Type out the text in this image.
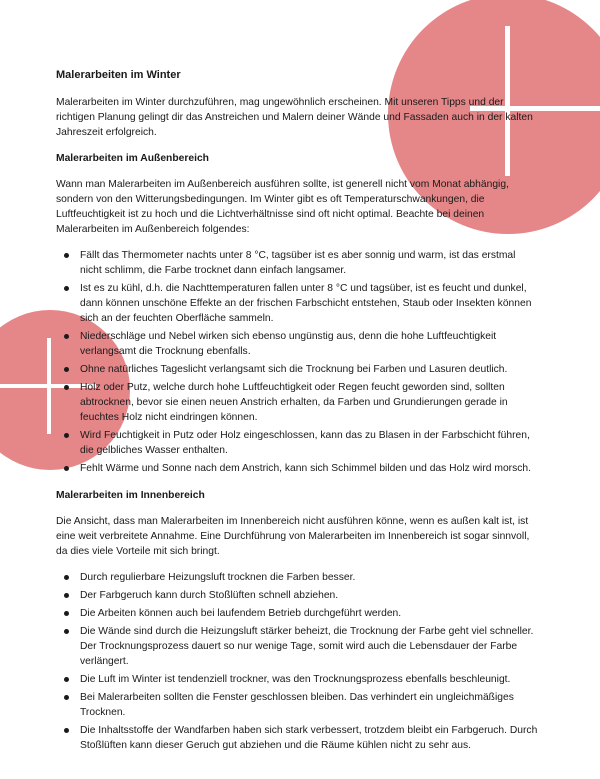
Malerarbeiten im Winter

Malerarbeiten im Winter durchzuführen, mag ungewöhnlich erscheinen. Mit unseren Tipps und der richtigen Planung gelingt dir das Anstreichen und Malern deiner Wände und Fassaden auch in der kalten Jahreszeit erfolgreich.

Malerarbeiten im Außenbereich

Wann man Malerarbeiten im Außenbereich ausführen sollte, ist generell nicht vom Monat abhängig, sondern von den Witterungsbedingungen. Im Winter gibt es oft Temperaturschwankungen, die Luftfeuchtigkeit ist zu hoch und die Lichtverhältnisse sind oft nicht optimal. Beachte bei deinen Malerarbeiten im Außenbereich folgendes:

Fällt das Thermometer nachts unter 8 °C, tagsüber ist es aber sonnig und warm, ist das erstmal nicht schlimm, die Farbe trocknet dann einfach langsamer.
Ist es zu kühl, d.h. die Nachttemperaturen fallen unter 8 °C und tagsüber, ist es feucht und dunkel, dann können unschöne Effekte an der frischen Farbschicht entstehen, Staub oder Insekten können sich an der feuchten Oberfläche sammeln.
Niederschläge und Nebel wirken sich ebenso ungünstig aus, denn die hohe Luftfeuchtigkeit verlangsamt die Trocknung ebenfalls.
Ohne natürliches Tageslicht verlangsamt sich die Trocknung bei Farben und Lasuren deutlich.
Holz oder Putz, welche durch hohe Luftfeuchtigkeit oder Regen feucht geworden sind, sollten abtrocknen, bevor sie einen neuen Anstrich erhalten, da Farben und Grundierungen gerade in feuchtes Holz nicht eindringen können.
Wird Feuchtigkeit in Putz oder Holz eingeschlossen, kann das zu Blasen in der Farbschicht führen, die gelbliches Wasser enthalten.
Fehlt Wärme und Sonne nach dem Anstrich, kann sich Schimmel bilden und das Holz wird morsch.
Malerarbeiten im Innenbereich

Die Ansicht, dass man Malerarbeiten im Innenbereich nicht ausführen könne, wenn es außen kalt ist, ist eine weit verbreitete Annahme. Eine Durchführung von Malerarbeiten im Innenbereich ist sogar sinnvoll, da dies viele Vorteile mit sich bringt.

Durch regulierbare Heizungsluft trocknen die Farben besser.
Der Farbgeruch kann durch Stoßlüften schnell abziehen.
Die Arbeiten können auch bei laufendem Betrieb durchgeführt werden.
Die Wände sind durch die Heizungsluft stärker beheizt, die Trocknung der Farbe geht viel schneller. Der Trocknungsprozess dauert so nur wenige Tage, somit wird auch die Lebensdauer der Farbe verlängert.
Die Luft im Winter ist tendenziell trockner, was den Trocknungsprozess ebenfalls beschleunigt.
Bei Malerarbeiten sollten die Fenster geschlossen bleiben. Das verhindert ein ungleichmäßiges Trocknen.
Die Inhaltsstoffe der Wandfarben haben sich stark verbessert, trotzdem bleibt ein Farbgeruch. Durch Stoßlüften kann dieser Geruch gut abziehen und die Räume kühlen nicht zu sehr aus.
